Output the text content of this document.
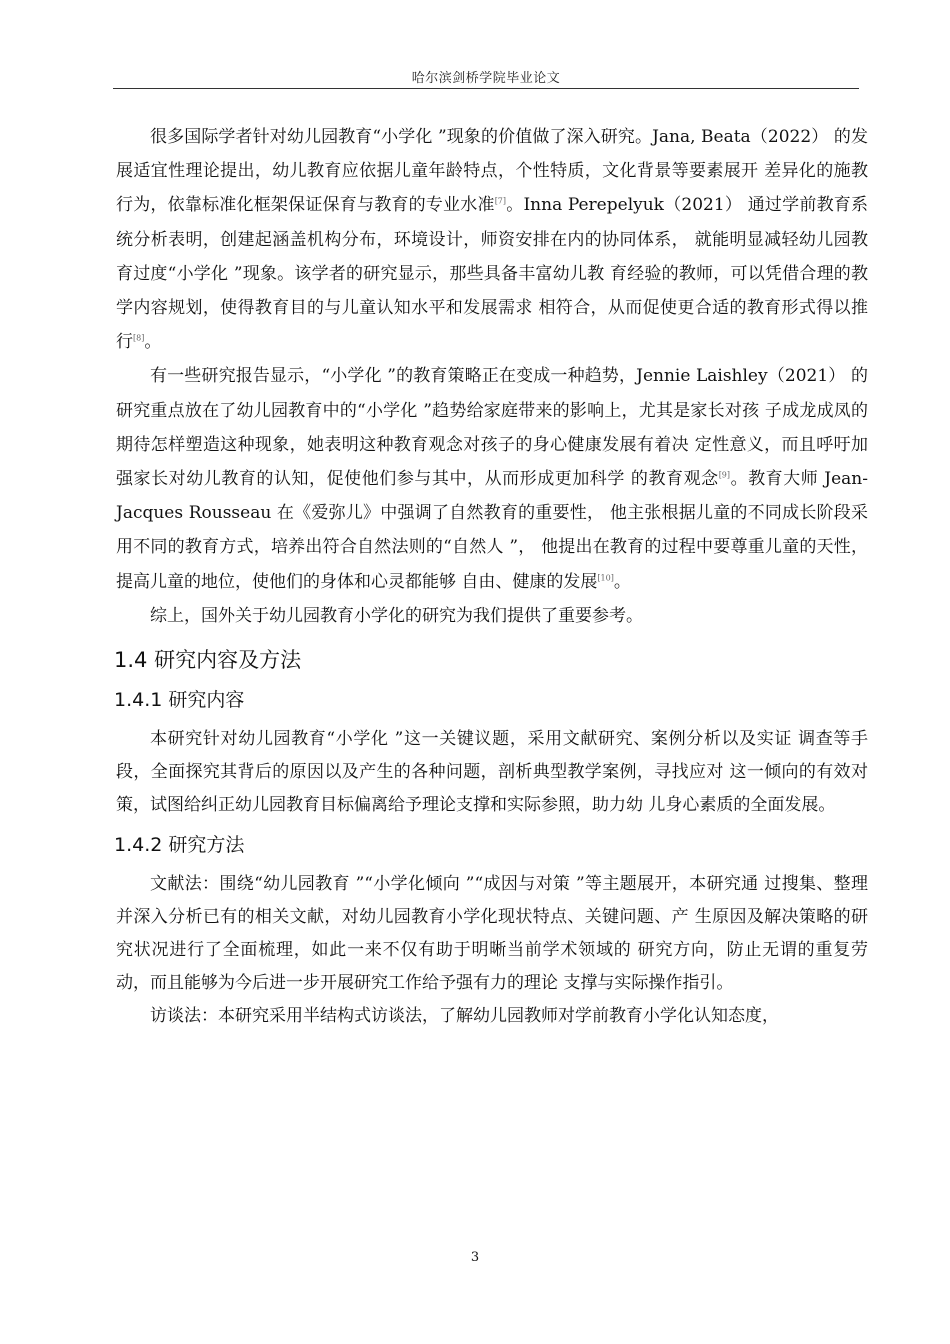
哈尔滨剑桥学院毕业论文

很多国际学者针对幼儿园教育“小学化 ”现象的价值做了深入研究。Jana, Beata（2022） 的发展适宜性理论提出，幼儿教育应依据儿童年龄特点，个性特质，文化背景等要素展开 差异化的施教行为，依靠标准化框架保证保育与教育的专业水准[7]。Inna Perepelyuk（2021） 通过学前教育系统分析表明，创建起涵盖机构分布，环境设计，师资安排在内的协同体系， 就能明显减轻幼儿园教育过度“小学化 ”现象。该学者的研究显示，那些具备丰富幼儿教 育经验的教师，可以凭借合理的教学内容规划，使得教育目的与儿童认知水平和发展需求 相符合，从而促使更合适的教育形式得以推行[8]。

有一些研究报告显示，“小学化 ”的教育策略正在变成一种趋势，Jennie Laishley（2021） 的研究重点放在了幼儿园教育中的“小学化 ”趋势给家庭带来的影响上，尤其是家长对孩 子成龙成凤的期待怎样塑造这种现象，她表明这种教育观念对孩子的身心健康发展有着决 定性意义，而且呼吁加强家长对幼儿教育的认知，促使他们参与其中，从而形成更加科学 的教育观念[9]。教育大师 Jean-Jacques Rousseau 在《爱弥儿》中强调了自然教育的重要性， 他主张根据儿童的不同成长阶段采用不同的教育方式，培养出符合自然法则的“自然人 ”， 他提出在教育的过程中要尊重儿童的天性，提高儿童的地位，使他们的身体和心灵都能够 自由、健康的发展[10]。

综上，国外关于幼儿园教育小学化的研究为我们提供了重要参考。

1.4 研究内容及方法
1.4.1 研究内容

本研究针对幼儿园教育“小学化 ”这一关键议题，采用文献研究、案例分析以及实证 调查等手段，全面探究其背后的原因以及产生的各种问题，剖析典型教学案例，寻找应对 这一倾向的有效对策，试图给纠正幼儿园教育目标偏离给予理论支撑和实际参照，助力幼 儿身心素质的全面发展。

1.4.2 研究方法

文献法：围绕“幼儿园教育 ”“小学化倾向 ”“成因与对策 ”等主题展开，本研究通 过搜集、整理并深入分析已有的相关文献，对幼儿园教育小学化现状特点、关键问题、产 生原因及解决策略的研究状况进行了全面梳理，如此一来不仅有助于明晰当前学术领域的 研究方向，防止无谓的重复劳动，而且能够为今后进一步开展研究工作给予强有力的理论 支撑与实际操作指引。

访谈法：本研究采用半结构式访谈法，了解幼儿园教师对学前教育小学化认知态度，

3
